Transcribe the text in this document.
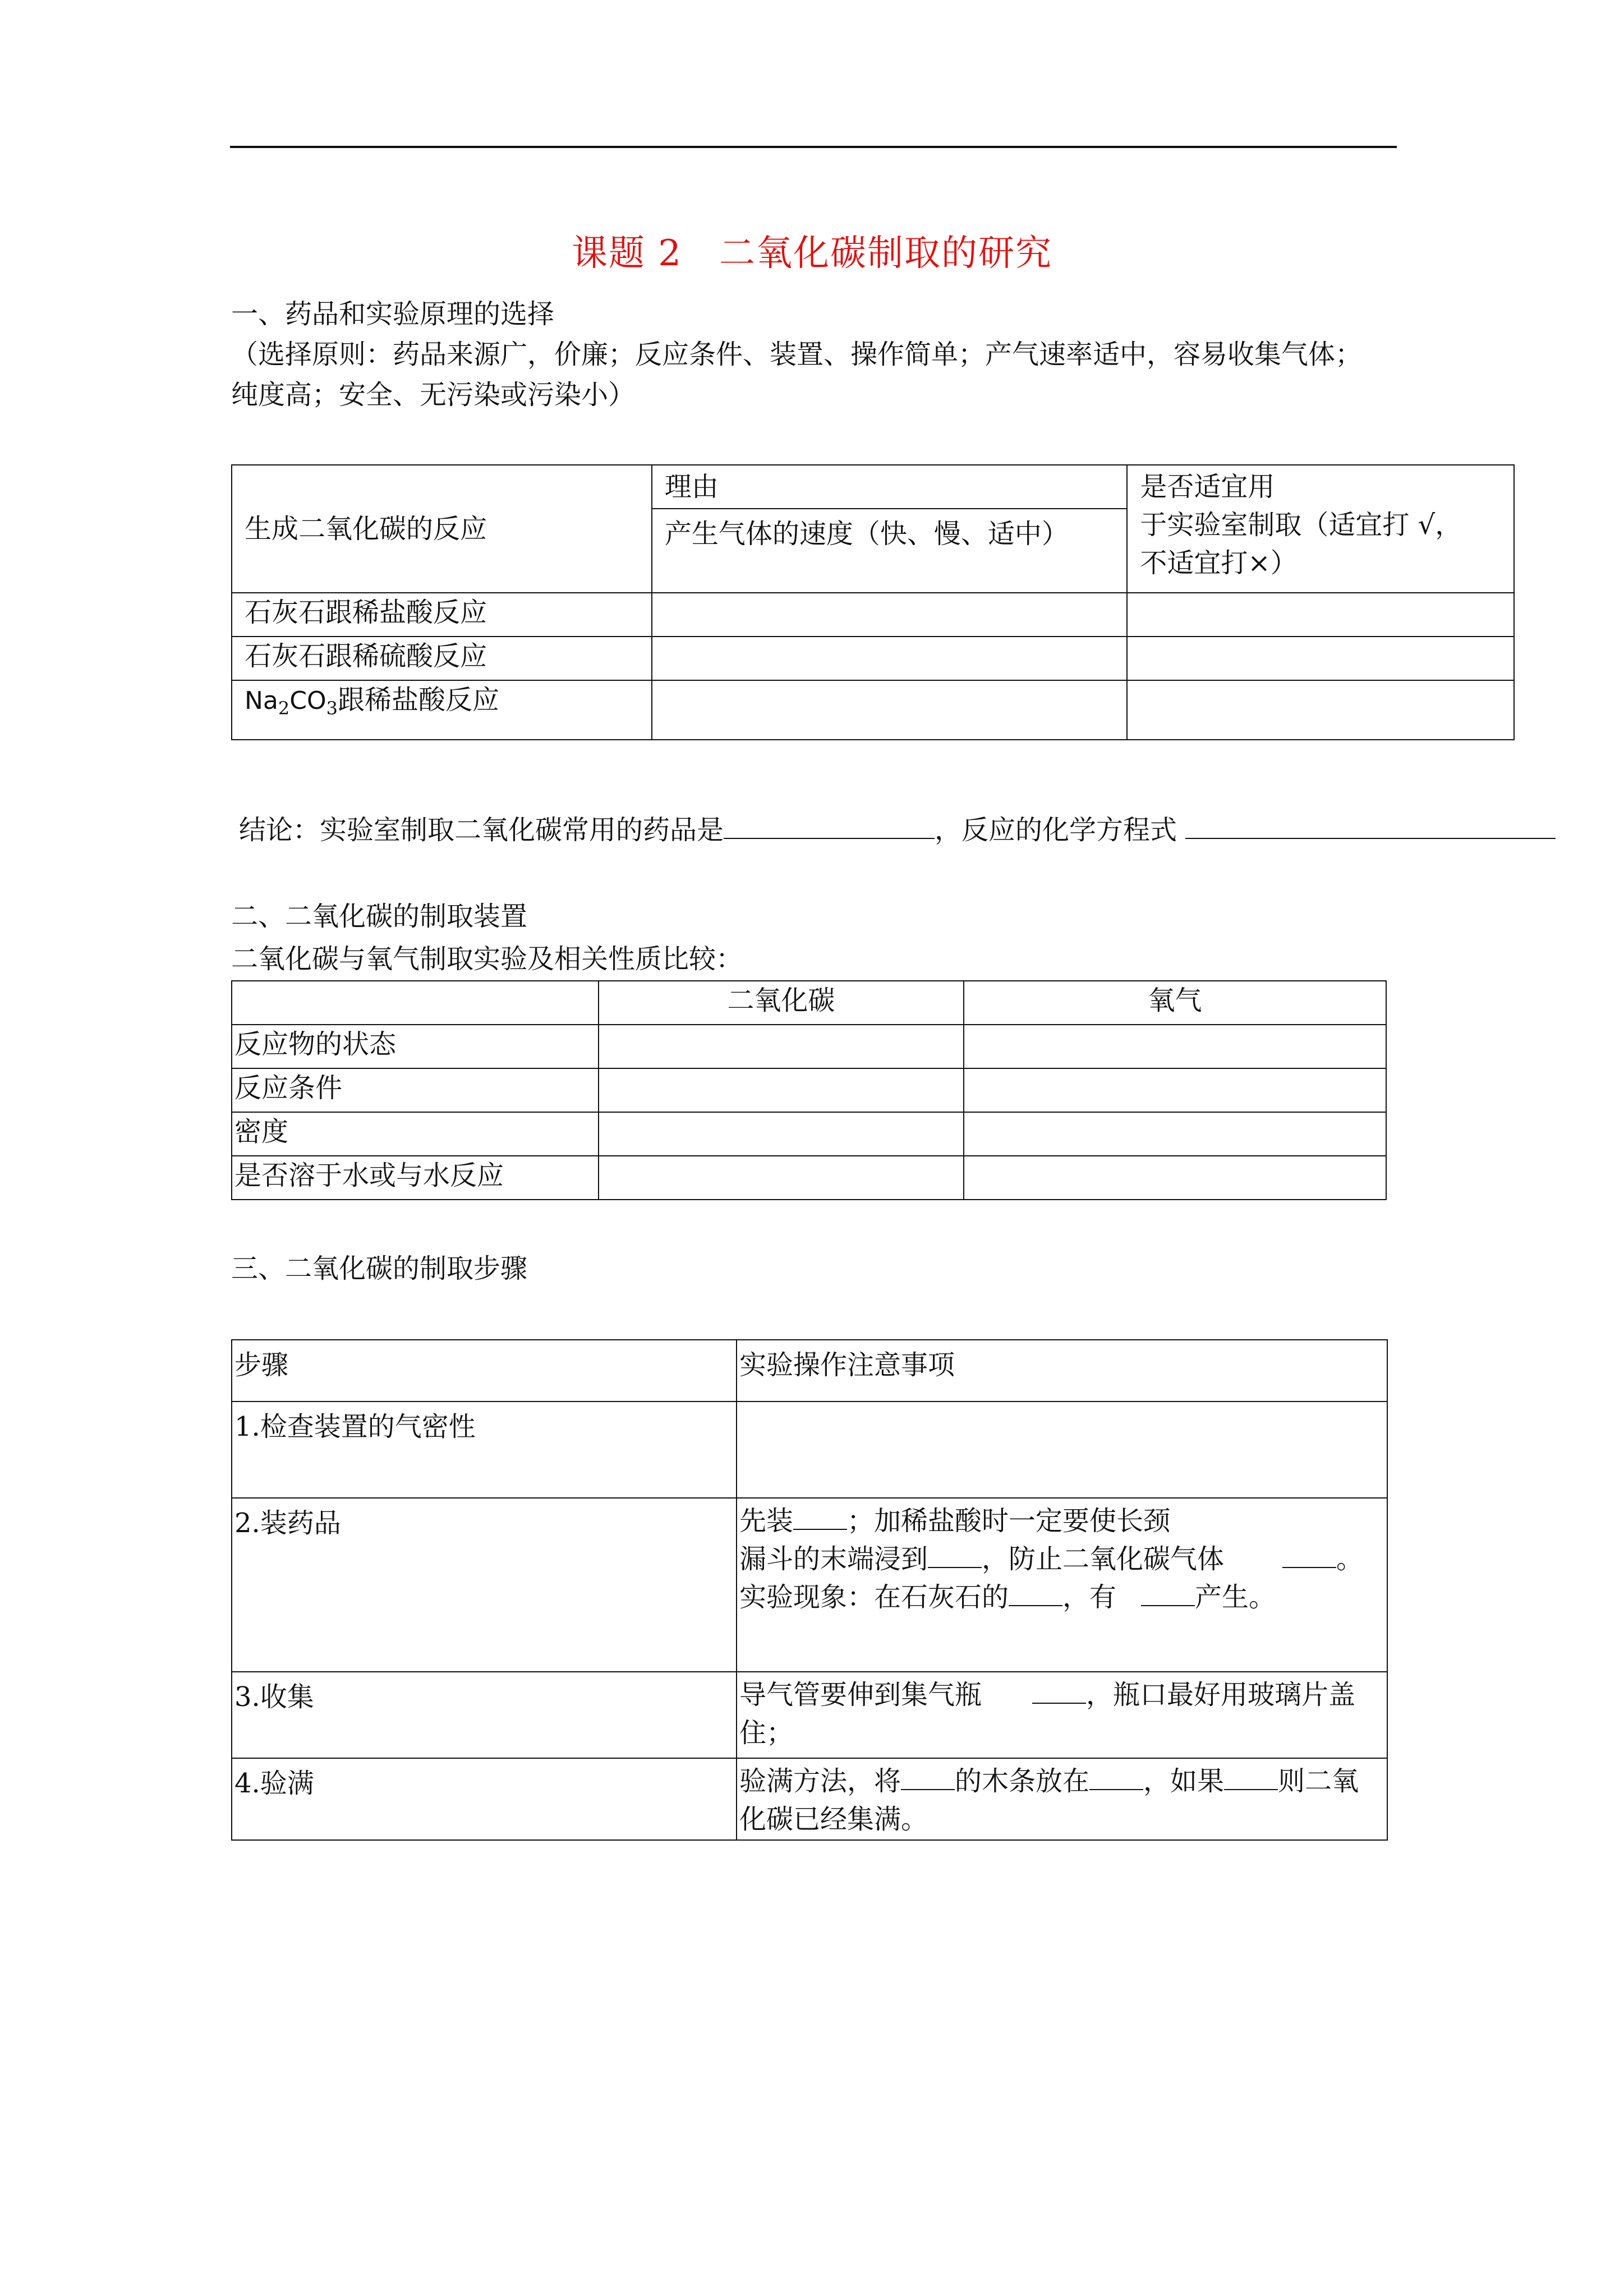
课题 2　二氧化碳制取的研究
一、药品和实验原理的选择
（选择原则：药品来源广，价廉；反应条件、装置、操作简单；产气速率适中，容易收集气体；
纯度高；安全、无污染或污染小）
生成二氧化碳的反应	理由	是否适宜用
于实验室制取（适宜打 √，
不适宜打×）

	产生气体的速度（快、慢、适中）	
石灰石跟稀盐酸反应		
石灰石跟稀硫酸反应		
$Na_2CO_3$跟稀盐酸反应		
结论：实验室制取二氧化碳常用的药品是	，反应的化学方程式
二、二氧化碳的制取装置
二氧化碳与氧气制取实验及相关性质比较：
	二氧化碳	氧气
反应物的状态		
反应条件		
密度		
是否溶于水或与水反应		
三、二氧化碳的制取步骤
步骤	实验操作注意事项
1.检查装置的气密性	
2.装药品	先装 ；加稀盐酸时一定要使长颈
漏斗的末端浸到 ，防止二氧化碳气体 。
实验现象：在石灰石的 ，有 产生。

3.收集	导气管要伸到集气瓶 ，瓶口最好用玻璃片盖
住；

4.验满	验满方法，将 的木条放在 ，如果 则二氧
化碳已经集满。
